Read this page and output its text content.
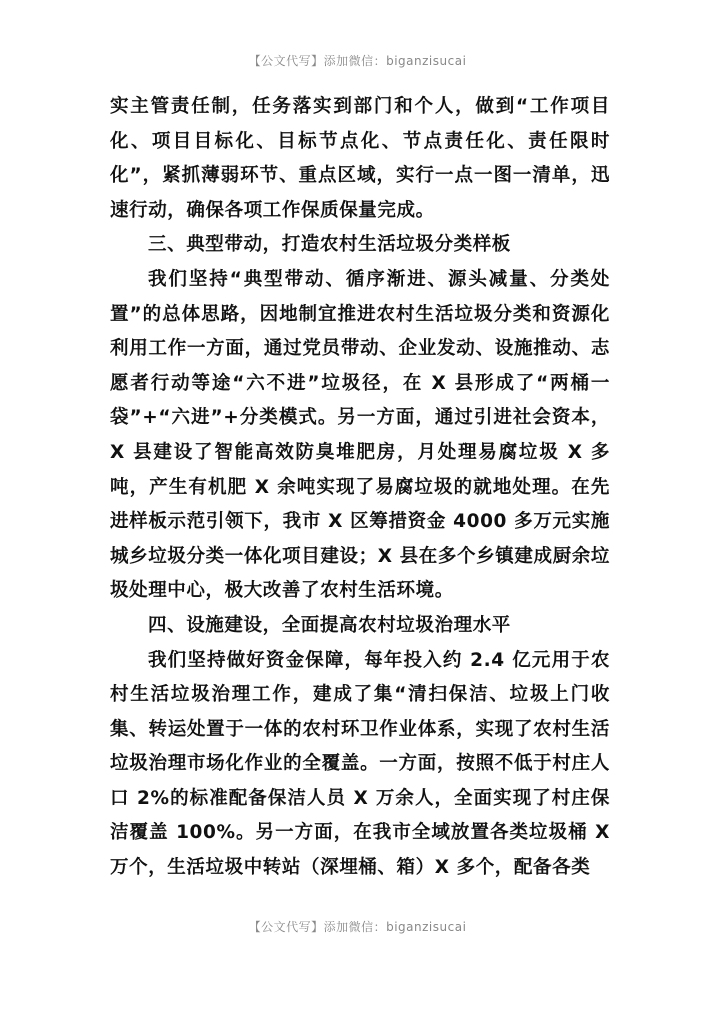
【公文代写】添加微信：biganzisucai

实主管责任制，任务落实到部门和个人，做到“工作项目化、项目目标化、目标节点化、节点责任化、责任限时化”，紧抓薄弱环节、重点区域，实行一点一图一清单，迅速行动，确保各项工作保质保量完成。

三、典型带动，打造农村生活垃圾分类样板

我们坚持“典型带动、循序渐进、源头减量、分类处置”的总体思路，因地制宜推进农村生活垃圾分类和资源化利用工作一方面，通过党员带动、企业发动、设施推动、志愿者行动等途“六不进”垃圾径，在 X 县形成了“两桶一袋”+“六进”+分类模式。另一方面，通过引进社会资本，X 县建设了智能高效防臭堆肥房，月处理易腐垃圾 X 多吨，产生有机肥 X 余吨实现了易腐垃圾的就地处理。在先进样板示范引领下，我市 X 区筹措资金 4000 多万元实施城乡垃圾分类一体化项目建设；X 县在多个乡镇建成厨余垃圾处理中心，极大改善了农村生活环境。

四、设施建设，全面提高农村垃圾治理水平

我们坚持做好资金保障，每年投入约 2.4 亿元用于农村生活垃圾治理工作，建成了集“清扫保洁、垃圾上门收集、转运处置于一体的农村环卫作业体系，实现了农村生活垃圾治理市场化作业的全覆盖。一方面，按照不低于村庄人口 2%的标准配备保洁人员 X 万余人，全面实现了村庄保洁覆盖 100%。另一方面，在我市全域放置各类垃圾桶 X 万个，生活垃圾中转站（深埋桶、箱）X 多个，配备各类

【公文代写】添加微信：biganzisucai
